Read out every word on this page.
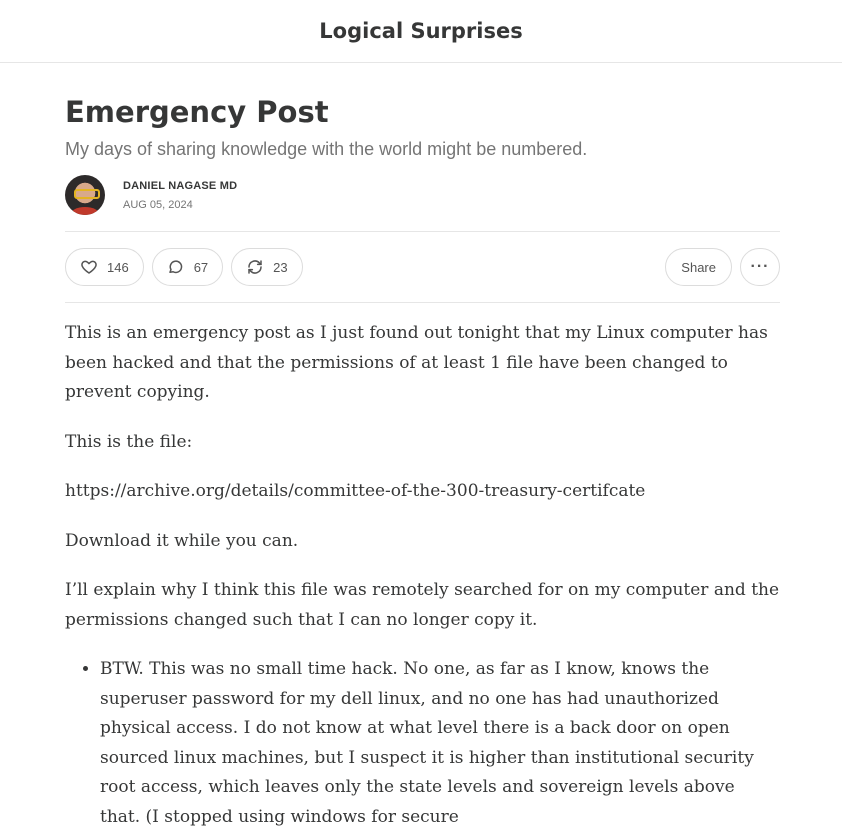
Logical Surprises
Emergency Post
My days of sharing knowledge with the world might be numbered.
DANIEL NAGASE MD
AUG 05, 2024
146	67	23	Share	···

This is an emergency post as I just found out tonight that my Linux computer has been hacked and that the permissions of at least 1 file have been changed to prevent copying.

This is the file:

https://archive.org/details/committee-of-the-300-treasury-certifcate

Download it while you can.

I’ll explain why I think this file was remotely searched for on my computer and the permissions changed such that I can no longer copy it.

• BTW. This was no small time hack. No one, as far as I know, knows the superuser password for my dell linux, and no one has had unauthorized physical access. I do not know at what level there is a back door on open sourced linux machines, but I suspect it is higher than institutional security root access, which leaves only the state levels and sovereign levels above that. (I stopped using windows for secure
